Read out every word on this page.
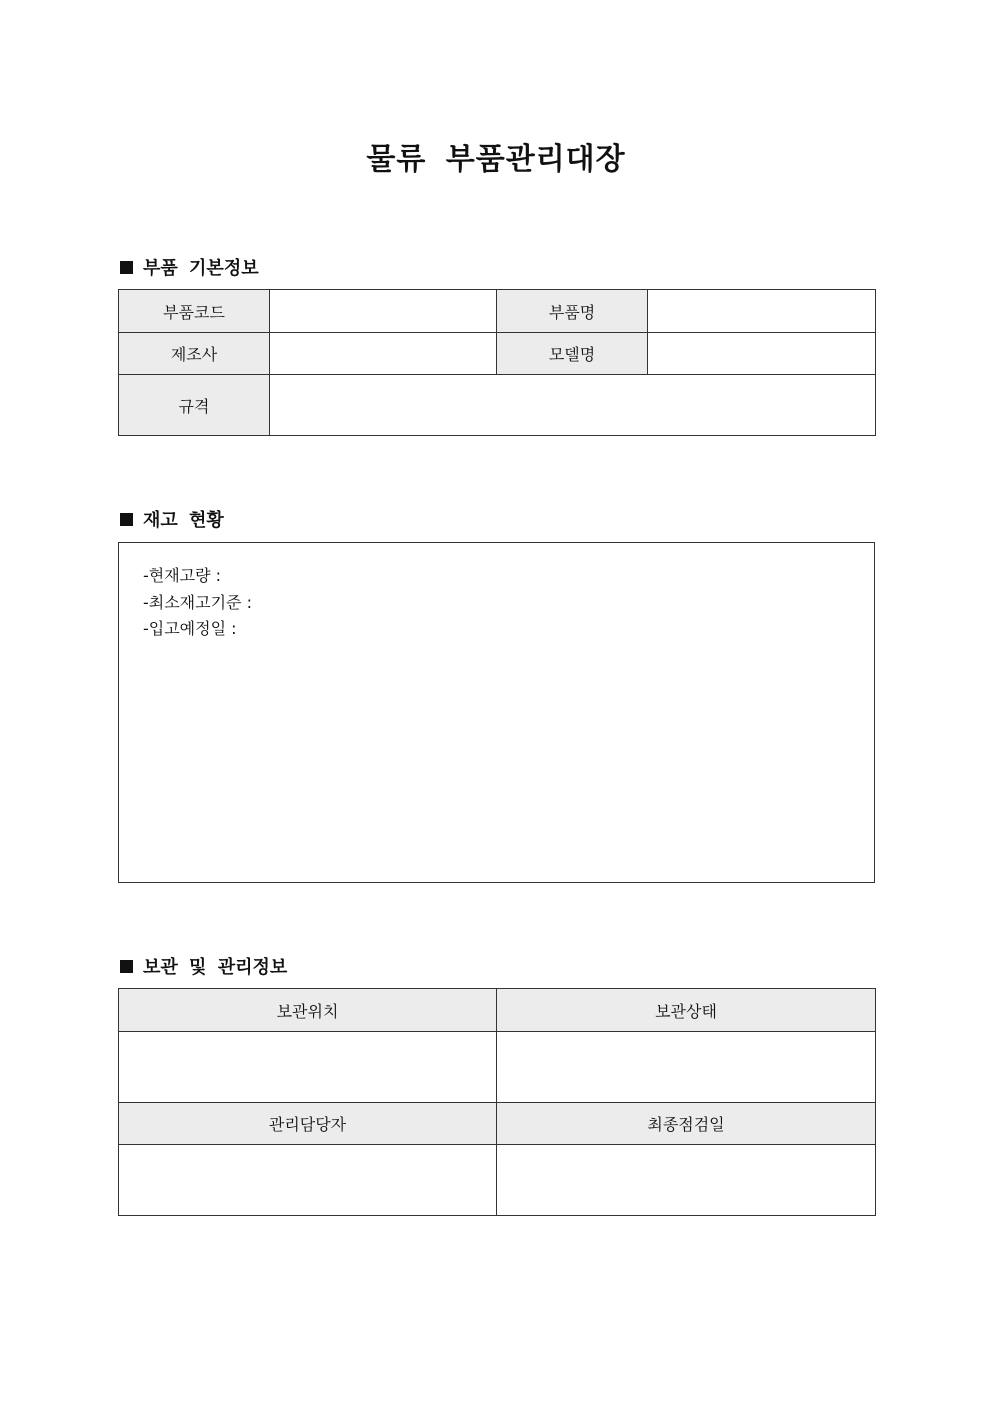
물류 부품관리대장
부품 기본정보
부품코드		부품명	
제조사		모델명	
규격			
재고 현황
-현재고량 :
-최소재고기준 :
-입고예정일 :
보관 및 관리정보
보관위치	보관상태

관리담당자	최종점검일
